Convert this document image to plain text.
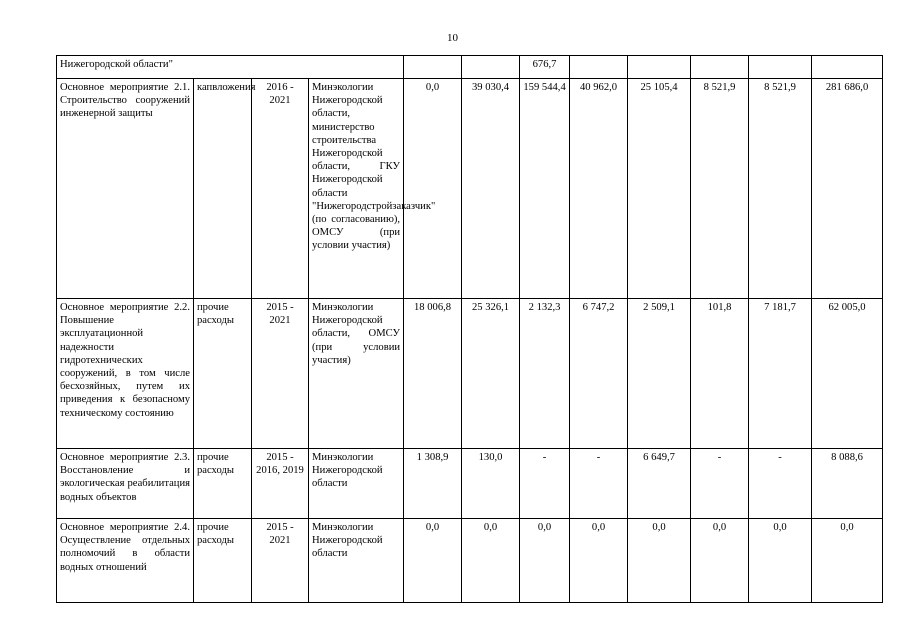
10
Нижегородской области"						676,7					
Основное мероприятие 2.1. Строительство сооружений инженерной защиты	капвложения	2016 - 2021	Минэкологии Нижегородской области, министерство строительства Нижегородской области, ГКУ Нижегородской области "Нижегородстройзаказчик" (по согласованию), ОМСУ (при условии участия)	0,0	39 030,4	159 544,4	40 962,0	25 105,4	8 521,9	8 521,9	281 686,0
Основное мероприятие 2.2. Повышение эксплуатационной надежности гидротехнических сооружений, в том числе бесхозяйных, путем их приведения к безопасному техническому состоянию	прочие расходы	2015 - 2021	Минэкологии Нижегородской области, ОМСУ (при условии участия)	18 006,8	25 326,1	2 132,3	6 747,2	2 509,1	101,8	7 181,7	62 005,0
Основное мероприятие 2.3. Восстановление и экологическая реабилитация водных объектов	прочие расходы	2015 - 2016, 2019	Минэкологии Нижегородской области	1 308,9	130,0	-	-	6 649,7	-	-	8 088,6
Основное мероприятие 2.4. Осуществление отдельных полномочий в области водных отношений	прочие расходы	2015 - 2021	Минэкологии Нижегородской области	0,0	0,0	0,0	0,0	0,0	0,0	0,0	0,0
